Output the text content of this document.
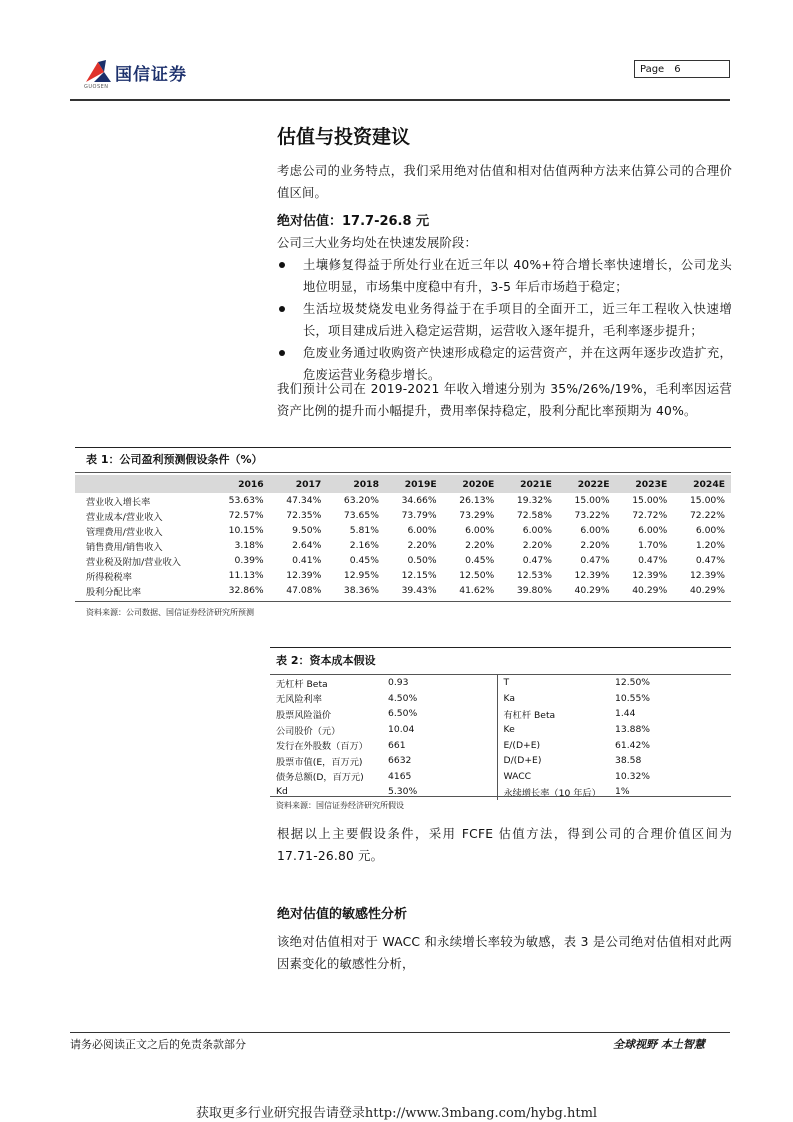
国信证券
GUOSEN
Page 6
估值与投资建议

考虑公司的业务特点，我们采用绝对估值和相对估值两种方法来估算公司的合理价值区间。

绝对估值：17.7-26.8 元

公司三大业务均处在快速发展阶段：

土壤修复得益于所处行业在近三年以 40%+符合增长率快速增长，公司龙头地位明显，市场集中度稳中有升，3-5 年后市场趋于稳定；
生活垃圾焚烧发电业务得益于在手项目的全面开工，近三年工程收入快速增长，项目建成后进入稳定运营期，运营收入逐年提升，毛利率逐步提升；
危废业务通过收购资产快速形成稳定的运营资产，并在这两年逐步改造扩充，危废运营业务稳步增长。

我们预计公司在 2019-2021 年收入增速分别为 35%/26%/19%，毛利率因运营资产比例的提升而小幅提升，费用率保持稳定，股利分配比率预期为 40%。

表 1：公司盈利预测假设条件（%）
	2016	2017	2018	2019E	2020E	2021E	2022E	2023E	2024E
营业收入增长率	53.63%	47.34%	63.20%	34.66%	26.13%	19.32%	15.00%	15.00%	15.00%
营业成本/营业收入	72.57%	72.35%	73.65%	73.79%	73.29%	72.58%	73.22%	72.72%	72.22%
管理费用/营业收入	10.15%	9.50%	5.81%	6.00%	6.00%	6.00%	6.00%	6.00%	6.00%
销售费用/销售收入	3.18%	2.64%	2.16%	2.20%	2.20%	2.20%	2.20%	1.70%	1.20%
营业税及附加/营业收入	0.39%	0.41%	0.45%	0.50%	0.45%	0.47%	0.47%	0.47%	0.47%
所得税税率	11.13%	12.39%	12.95%	12.15%	12.50%	12.53%	12.39%	12.39%	12.39%
股利分配比率	32.86%	47.08%	38.36%	39.43%	41.62%	39.80%	40.29%	40.29%	40.29%
资料来源：公司数据、国信证券经济研究所预测
表 2：资本成本假设
无杠杆 Beta	0.93	T	12.50%
无风险利率	4.50%	Ka	10.55%
股票风险溢价	6.50%	有杠杆 Beta	1.44
公司股价（元）	10.04	Ke	13.88%
发行在外股数（百万）	661	E/(D+E)	61.42%
股票市值(E，百万元)	6632	D/(D+E)	38.58
债务总额(D，百万元)	4165	WACC	10.32%
Kd	5.30%	永续增长率（10 年后）	1%
资料来源：国信证券经济研究所假设

根据以上主要假设条件，采用 FCFE 估值方法，得到公司的合理价值区间为 17.71-26.80 元。

绝对估值的敏感性分析

该绝对估值相对于 WACC 和永续增长率较为敏感，表 3 是公司绝对估值相对此两因素变化的敏感性分析，

请务必阅读正文之后的免责条款部分	全球视野 本土智慧
获取更多行业研究报告请登录http://www.3mbang.com/hybg.html
